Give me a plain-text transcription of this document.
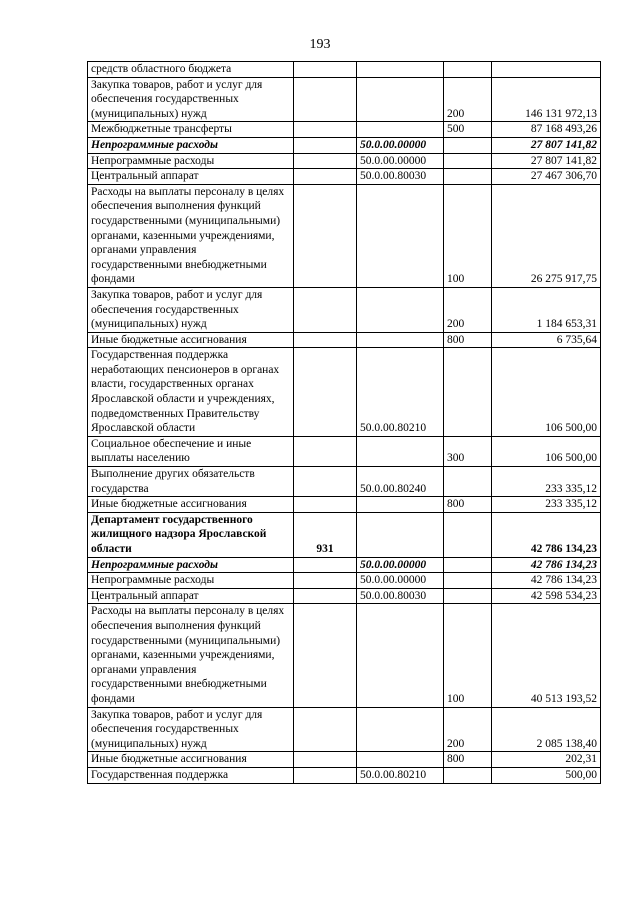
193
средств областного бюджета				
Закупка товаров, работ и услуг для обеспечения государственных (муниципальных) нужд			200	146 131 972,13
Межбюджетные трансферты			500	87 168 493,26
Непрограммные расходы		50.0.00.00000		27 807 141,82
Непрограммные расходы		50.0.00.00000		27 807 141,82
Центральный аппарат		50.0.00.80030		27 467 306,70
Расходы на выплаты персоналу в целях обеспечения выполнения функций государственными (муниципальными) органами, казенными учреждениями, органами управления государственными внебюджетными фондами			100	26 275 917,75
Закупка товаров, работ и услуг для обеспечения государственных (муниципальных) нужд			200	1 184 653,31
Иные бюджетные ассигнования			800	6 735,64
Государственная поддержка неработающих пенсионеров в органах власти, государственных органах Ярославской области и учреждениях, подведомственных Правительству Ярославской области		50.0.00.80210		106 500,00
Социальное обеспечение и иные выплаты населению			300	106 500,00
Выполнение других обязательств государства		50.0.00.80240		233 335,12
Иные бюджетные ассигнования			800	233 335,12
Департамент государственного жилищного надзора Ярославской области	931			42 786 134,23
Непрограммные расходы		50.0.00.00000		42 786 134,23
Непрограммные расходы		50.0.00.00000		42 786 134,23
Центральный аппарат		50.0.00.80030		42 598 534,23
Расходы на выплаты персоналу в целях обеспечения выполнения функций государственными (муниципальными) органами, казенными учреждениями, органами управления государственными внебюджетными фондами			100	40 513 193,52
Закупка товаров, работ и услуг для обеспечения государственных (муниципальных) нужд			200	2 085 138,40
Иные бюджетные ассигнования			800	202,31
Государственная поддержка		50.0.00.80210		500,00
